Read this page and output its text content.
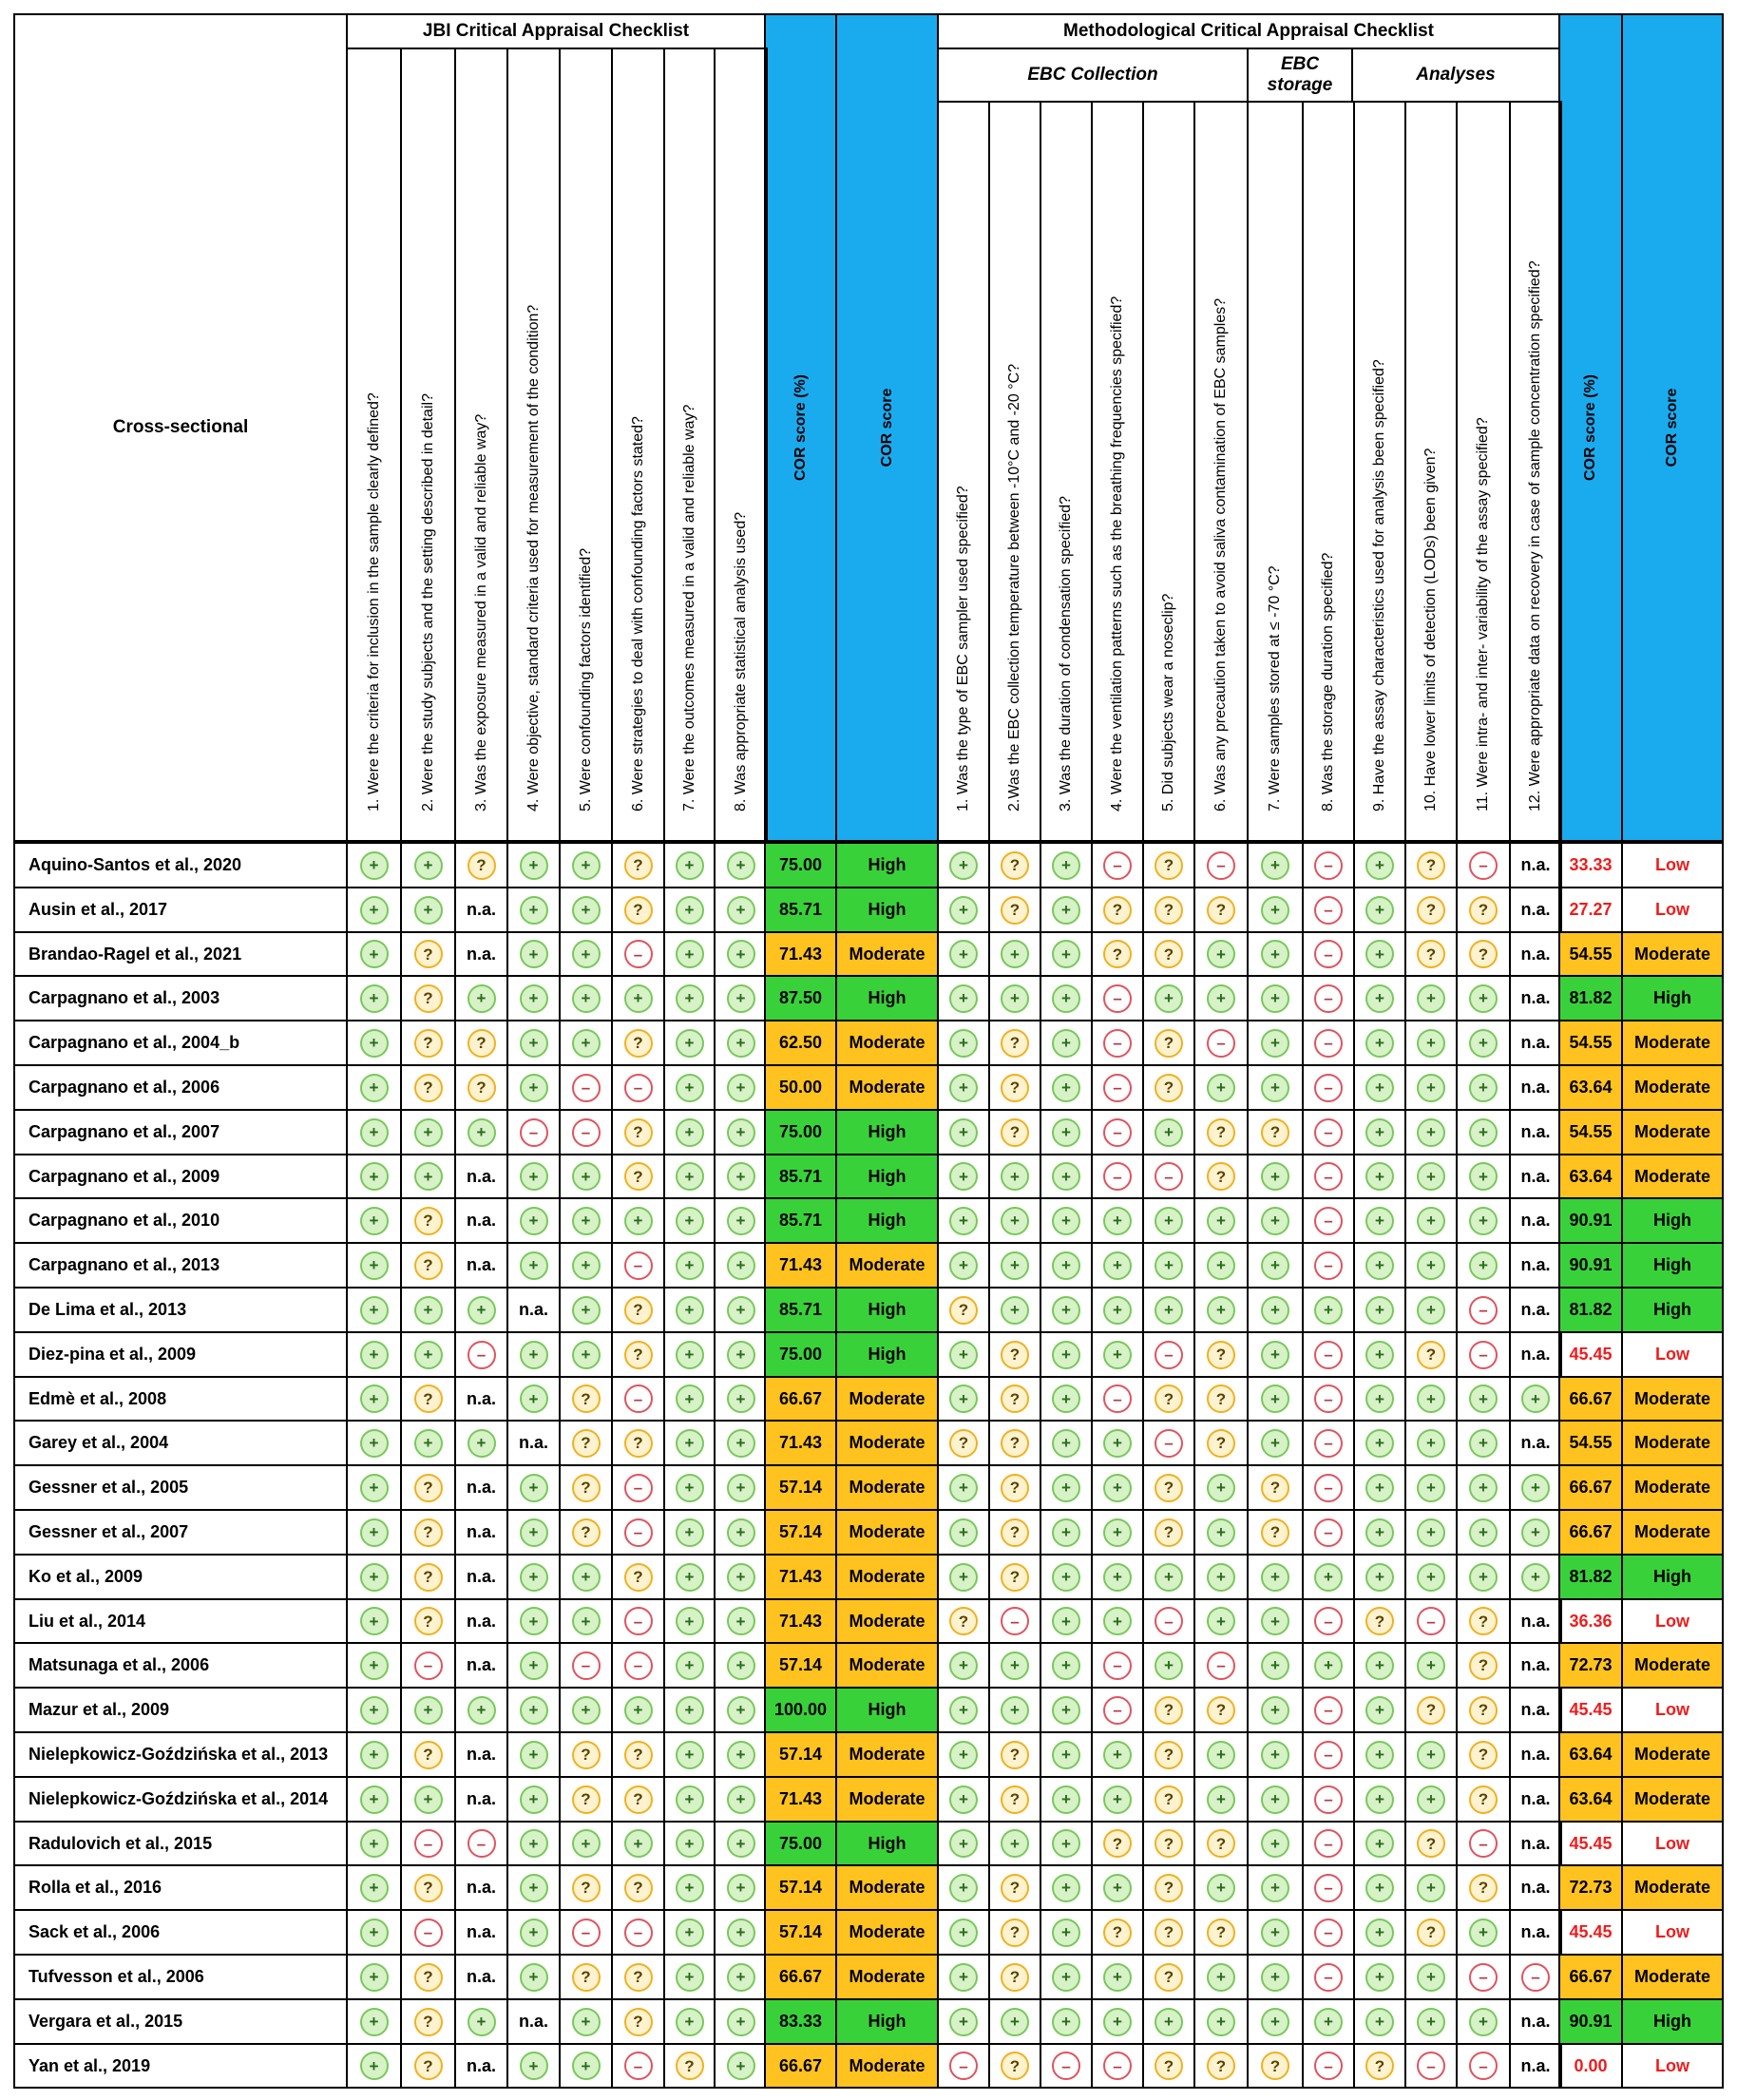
Cross-sectional
JBI Critical Appraisal Checklist	Methodological Critical Appraisal Checklist
EBC Collection
EBC storage
Analyses
COR score (%)	COR score	COR score (%)	COR score
1. Were the criteria for inclusion in the sample clearly defined?	2. Were the study subjects and the setting described in detail? 3. Was the exposure measured in a valid and reliable way? 4. Were objective, standard criteria used for measurement of the condition? 5. Were confounding factors identified? 6. Were strategies to deal with confounding factors stated? 7. Were the outcomes measured in a valid and reliable way? 8. Was appropriate statistical analysis used?	1. Was the type of EBC sampler used specified? 2.Was the EBC collection temperature between -10°C and -20 °C? 3. Was the duration of condensation specified? 4. Were the ventilation patterns such as the breathing frequencies specified? 5. Did subjects wear a noseclip? 6. Was any precaution taken to avoid saliva contamination of EBC samples?	7. Were samples stored at ≤ -70 °C? 8. Was the storage duration specified? 9. Have the assay characteristics used for analysis been specified? 10. Have lower limits of detection (LODs) been given? 11. Were intra- and inter- variability of the assay specified? 12. Were appropriate data on recovery in case of sample concentration specified?
Aquino-Santos et al., 2020	+	+	?	+	+	?	+	+	75.00	High	+	?	+	–	?	–	+	–	+	?	–	n.a. 33.33	Low
Ausin et al., 2017	+	+	n.a.	+	+	?	+	+	85.71	High	+	?	+	?	?	?	+	–	+	?	?	n.a. 27.27	Low
Brandao-Ragel et al., 2021	+	?	n.a.	+	+	–	+	+	71.43 Moderate	+	+	+	?	?	+	+	–	+	?	?	n.a. 54.55 Moderate
Carpagnano et al., 2003	+	?	+	+	+	+	+	+	87.50	High	+	+	+	–	+	+	+	–	+	+	+	n.a. 81.82 High
Carpagnano et al., 2004_b	+	?	?	+	+	?	+	+	62.50 Moderate	+	?	+	–	?	–	+	–	+	+	+	n.a. 54.55 Moderate
Carpagnano et al., 2006	+	?	?	+	–	–	+	+	50.00 Moderate	+	?	+	–	?	+	+	–	+	+	+	n.a. 63.64 Moderate
Carpagnano et al., 2007	+	+	+	–	–	?	+	+	75.00	High	+	?	+	–	+	?	?	–	+	+	+	n.a. 54.55 Moderate
Carpagnano et al., 2009	+	+	n.a.	+	+	?	+	+	85.71	High	+	+	+	–	–	?	+	–	+	+	+	n.a. 63.64 Moderate
Carpagnano et al., 2010	+	?	n.a.	+	+	+	+	+	85.71	High	+	+	+	+	+	+	+	–	+	+	+	n.a. 90.91 High
Carpagnano et al., 2013	+	?	n.a.	+	+	–	+	+	71.43 Moderate	+	+	+	+	+	+	+	–	+	+	+	n.a. 90.91 High
De Lima et al., 2013	+	+	+	n.a.	+	?	+	+	85.71	High	?	+	+	+	+	+	+	+	+	+	–	n.a. 81.82 High
Diez-pina et al., 2009	+	+	–	+	+	?	+	+	75.00	High	+	?	+	+	–	?	+	–	+	?	–	n.a. 45.45	Low
Edmè et al., 2008	+	?	n.a.	+	?	–	+	+	66.67 Moderate	+	?	+	–	?	?	+	–	+	+	+	+	66.67 Moderate
Garey et al., 2004	+	+	+	n.a.	?	?	+	+	71.43 Moderate	?	?	+	+	–	?	+	–	+	+	+	n.a. 54.55 Moderate
Gessner et al., 2005	+	?	n.a.	+	?	–	+	+	57.14 Moderate	+	?	+	+	?	+	?	–	+	+	+	+	66.67 Moderate
Gessner et al., 2007	+	?	n.a.	+	?	–	+	+	57.14 Moderate	+	?	+	+	?	+	?	–	+	+	+	+	66.67 Moderate
Ko et al., 2009	+	?	n.a.	+	+	?	+	+	71.43 Moderate	+	?	+	+	+	+	+	+	+	+	+	+	81.82 High
Liu et al., 2014	+	?	n.a.	+	+	–	+	+	71.43 Moderate	?	–	+	+	–	+	+	–	?	–	?	n.a. 36.36	Low
Matsunaga et al., 2006	+	–	n.a.	+	–	–	+	+	57.14 Moderate	+	+	+	–	+	–	+	+	+	+	?	n.a. 72.73 Moderate
Mazur et al., 2009	+	+	+	+	+	+	+	+	100.00 High	+	+	+	–	?	?	+	–	+	?	?	n.a. 45.45	Low
Nielepkowicz-Goździńska et al., 2013	+	?	n.a.	+	?	?	+	+	57.14 Moderate	+	?	+	+	?	+	+	–	+	+	?	n.a. 63.64 Moderate
Nielepkowicz-Goździńska et al., 2014	+	+	n.a.	+	?	?	+	+	71.43 Moderate	+	?	+	+	?	+	+	–	+	+	?	n.a. 63.64 Moderate
Radulovich et al., 2015	+	–	–	+	+	+	+	+	75.00	High	+	+	+	?	?	?	+	–	+	?	–	n.a. 45.45	Low
Rolla et al., 2016	+	?	n.a.	+	?	?	+	+	57.14 Moderate	+	?	+	+	?	+	+	–	+	+	?	n.a. 72.73 Moderate
Sack et al., 2006	+	–	n.a.	+	–	–	+	+	57.14 Moderate	+	?	+	?	?	?	+	–	+	?	+	n.a. 45.45	Low
Tufvesson et al., 2006	+	?	n.a.	+	?	?	+	+	66.67 Moderate	+	?	+	+	?	+	+	–	+	+	–	–	66.67 Moderate
Vergara et al., 2015	+	?	+	n.a.	+	?	+	+	83.33	High	+	+	+	+	+	+	+	+	+	+	+	n.a. 90.91 High
Yan et al., 2019	+	?	n.a.	+	+	–	?	+	66.67 Moderate	–	?	–	–	?	?	?	–	?	–	–	n.a. 0.00	Low
